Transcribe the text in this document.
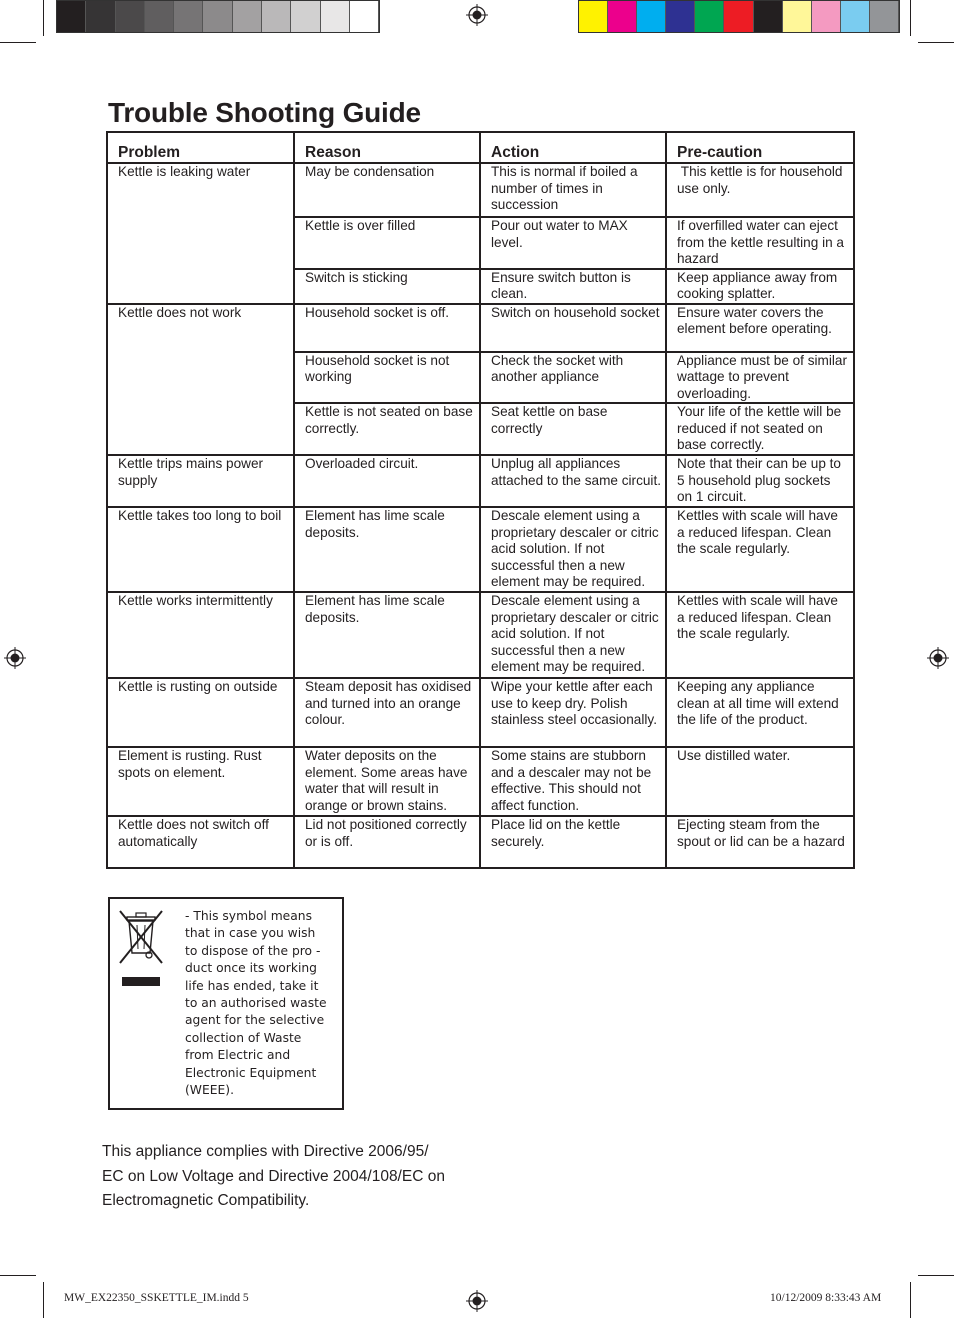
Trouble Shooting Guide
Problem	Reason	Action	Pre-caution
Kettle is leaking water	May be condensation	This is normal if boiled a number of times in succession	This kettle is for household use only.
	Kettle is over filled	Pour out water to MAX level.	If overfilled water can eject from the kettle resulting in a hazard
	Switch is sticking	Ensure switch button is clean.	Keep appliance away from cooking splatter.
Kettle does not work	Household socket is off.	Switch on household socket	Ensure water covers the element before operating.
	Household socket is not working	Check the socket with another appliance	Appliance must be of similar wattage to prevent overloading.
	Kettle is not seated on base correctly.	Seat kettle on base correctly	Your life of the kettle will be reduced if not seated on base correctly.
Kettle trips mains power supply	Overloaded circuit.	Unplug all appliances attached to the same circuit.	Note that their can be up to 5 household plug sockets on 1 circuit.
Kettle takes too long to boil	Element has lime scale deposits.	Descale element using a proprietary descaler or citric acid solution. If not successful then a new element may be required.	Kettles with scale will have a reduced lifespan. Clean the scale regularly.
Kettle works intermittently	Element has lime scale deposits.	Descale element using a proprietary descaler or citric acid solution. If not successful then a new element may be required.	Kettles with scale will have a reduced lifespan. Clean the scale regularly.
Kettle is rusting on outside	Steam deposit has oxidised and turned into an orange colour.	Wipe your kettle after each use to keep dry. Polish stainless steel occasionally.	Keeping any appliance clean at all time will extend the life of the product.
Element is rusting. Rust spots on element.	Water deposits on the element. Some areas have water that will result in orange or brown stains.	Some stains are stubborn and a descaler may not be effective. This should not affect function.	Use distilled water.
Kettle does not switch off automatically	Lid not positioned correctly or is off.	Place lid on the kettle securely.	Ejecting steam from the spout or lid can be a hazard
- This symbol means
that in case you wish
to dispose of the pro -
duct once its working
life has ended, take it
to an authorised waste
agent for the selective
collection of Waste
from Electric and
Electronic Equipment
(WEEE).
This appliance complies with Directive 2006/95/
EC on Low Voltage and Directive 2004/108/EC on
Electromagnetic Compatibility.
MW_EX22350_SSKETTLE_IM.indd 5	10/12/2009 8:33:43 AM
